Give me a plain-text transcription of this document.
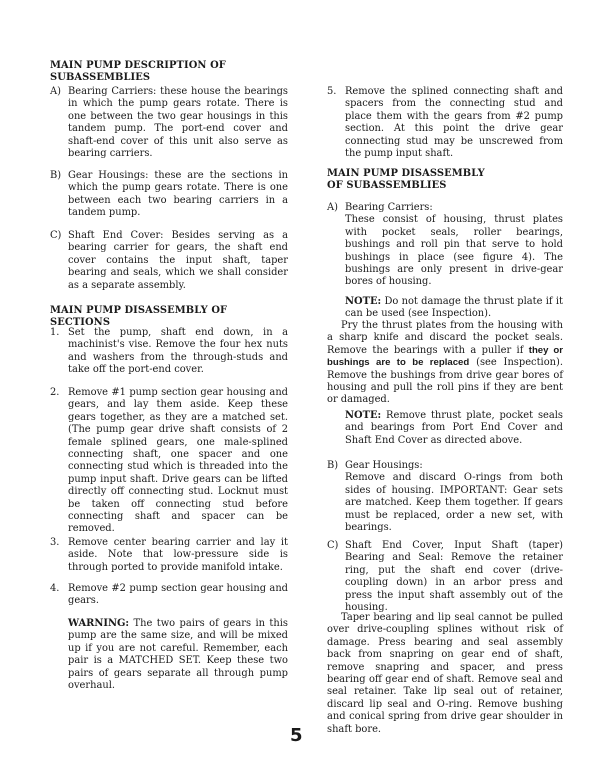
MAIN PUMP DESCRIPTION OF SUBASSEMBLIES
A) Bearing Carriers: these house the bearings in which the pump gears rotate. There is one between the two gear housings in this tandem pump. The port-end cover and shaft-end cover of this unit also serve as bearing carriers.
B) Gear Housings: these are the sections in which the pump gears rotate. There is one between each two bearing carriers in a tandem pump.
C) Shaft End Cover: Besides serving as a bearing carrier for gears, the shaft end cover contains the input shaft, taper bearing and seals, which we shall consider as a separate assembly.
MAIN PUMP DISASSEMBLY OF SECTIONS
1. Set the pump, shaft end down, in a machinist's vise. Remove the four hex nuts and washers from the through-studs and take off the port-end cover.
2. Remove #1 pump section gear housing and gears, and lay them aside. Keep these gears together, as they are a matched set. (The pump gear drive shaft consists of 2 female splined gears, one male-splined connecting shaft, one spacer and one connecting stud which is threaded into the pump input shaft. Drive gears can be lifted directly off connecting stud. Locknut must be taken off connecting stud before connecting shaft and spacer can be removed.
3. Remove center bearing carrier and lay it aside. Note that low-pressure side is through ported to provide manifold intake.
4. Remove #2 pump section gear housing and gears.
WARNING: The two pairs of gears in this pump are the same size, and will be mixed up if you are not careful. Remember, each pair is a MATCHED SET. Keep these two pairs of gears separate all through pump overhaul.
5. Remove the splined connecting shaft and spacers from the connecting stud and place them with the gears from #2 pump section. At this point the drive gear connecting stud may be unscrewed from the pump input shaft.
MAIN PUMP DISASSEMBLY OF SUBASSEMBLIES
A) Bearing Carriers:
These consist of housing, thrust plates with pocket seals, roller bearings, bushings and roll pin that serve to hold bushings in place (see figure 4). The bushings are only present in drive-gear bores of housing.
NOTE: Do not damage the thrust plate if it can be used (see Inspection).
Pry the thrust plates from the housing with a sharp knife and discard the pocket seals. Remove the bearings with a puller if they or bushings are to be replaced (see Inspection). Remove the bushings from drive gear bores of housing and pull the roll pins if they are bent or damaged.
NOTE: Remove thrust plate, pocket seals and bearings from Port End Cover and Shaft End Cover as directed above.
B) Gear Housings:
Remove and discard O-rings from both sides of housing. IMPORTANT: Gear sets are matched. Keep them together. If gears must be replaced, order a new set, with bearings.
C) Shaft End Cover, Input Shaft (taper) Bearing and Seal: Remove the retainer ring, put the shaft end cover (drive-coupling down) in an arbor press and press the input shaft assembly out of the housing.
Taper bearing and lip seal cannot be pulled over drive-coupling splines without risk of damage. Press bearing and seal assembly back from snapring on gear end of shaft, remove snapring and spacer, and press bearing off gear end of shaft. Remove seal and seal retainer. Take lip seal out of retainer, discard lip seal and O-ring. Remove bushing and conical spring from drive gear shoulder in shaft bore.
5
